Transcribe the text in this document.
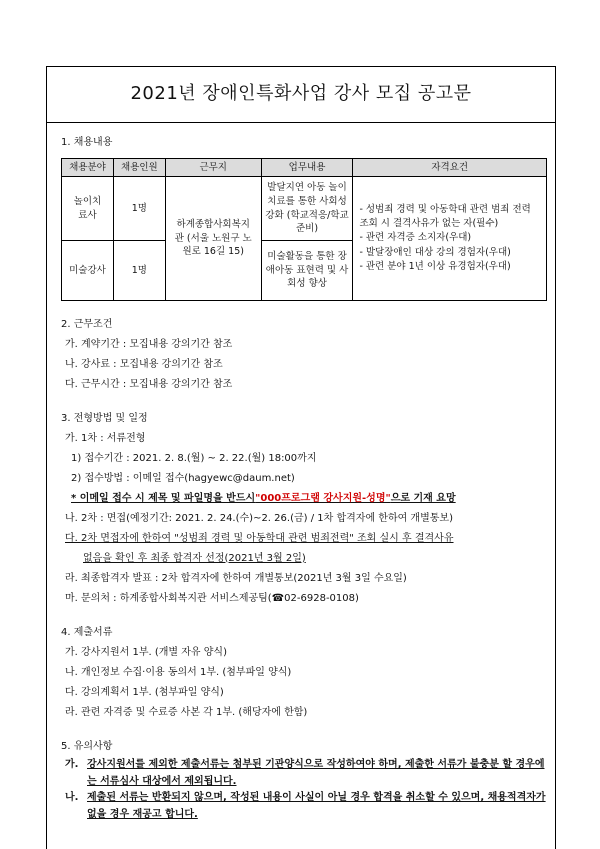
2021년 장애인특화사업 강사 모집 공고문
1. 채용내용
채용분야	채용인원	근무지	업무내용	자격요건
놀이치료사	1명	하계종합사회복지관 (서울 노원구 노원로 16길 15)	발달지연 아동 놀이치료를 통한 사회성 강화 (학교적응/학교준비)	- 성범죄 경력 및 아동학대 관련 범죄 전력 조회 시 결격사유가 없는 자(필수)
- 관련 자격증 소지자(우대)
- 발달장애인 대상 강의 경험자(우대)
- 관련 분야 1년 이상 유경험자(우대)

미술강사	1명		미술활동을 통한 장애아동 표현력 및 사회성 향상	
2. 근무조건
가. 계약기간 : 모집내용 강의기간 참조
나. 강사료 : 모집내용 강의기간 참조
다. 근무시간 : 모집내용 강의기간 참조
3. 전형방법 및 일정
가. 1차 : 서류전형
1) 접수기간 : 2021. 2. 8.(월) ~ 2. 22.(월) 18:00까지
2) 접수방법 : 이메일 접수(hagyewc@daum.net)
* 이메일 접수 시 제목 및 파일명을 반드시 "000프로그램 강사지원-성명" 으로 기재 요망
나. 2차 : 면접(예정기간: 2021. 2. 24.(수)~2. 26.(금) / 1차 합격자에 한하여 개별통보)
다. 2차 면접자에 한하여 "성범죄 경력 및 아동학대 관련 범죄전력" 조회 실시 후 결격사유
없음을 확인 후 최종 합격자 선정(2021년 3월 2일)
라. 최종합격자 발표 : 2차 합격자에 한하여 개별통보(2021년 3월 3일 수요일)
마. 문의처 : 하계종합사회복지관 서비스제공팀(☎02-6928-0108)
4. 제출서류
가. 강사지원서 1부. (개별 자유 양식)
나. 개인정보 수집·이용 동의서 1부. (첨부파일 양식)
다. 강의계획서 1부. (첨부파일 양식)
라. 관련 자격증 및 수료증 사본 각 1부. (해당자에 한함)
5. 유의사항
가. 강사지원서를 제외한 제출서류는 첨부된 기관양식으로 작성하여야 하며, 제출한 서류가 불충분 할 경우에는 서류심사 대상에서 제외됩니다.
나. 제출된 서류는 반환되지 않으며, 작성된 내용이 사실이 아닐 경우 합격을 취소할 수 있으며, 채용적격자가 없을 경우 재공고 합니다.
